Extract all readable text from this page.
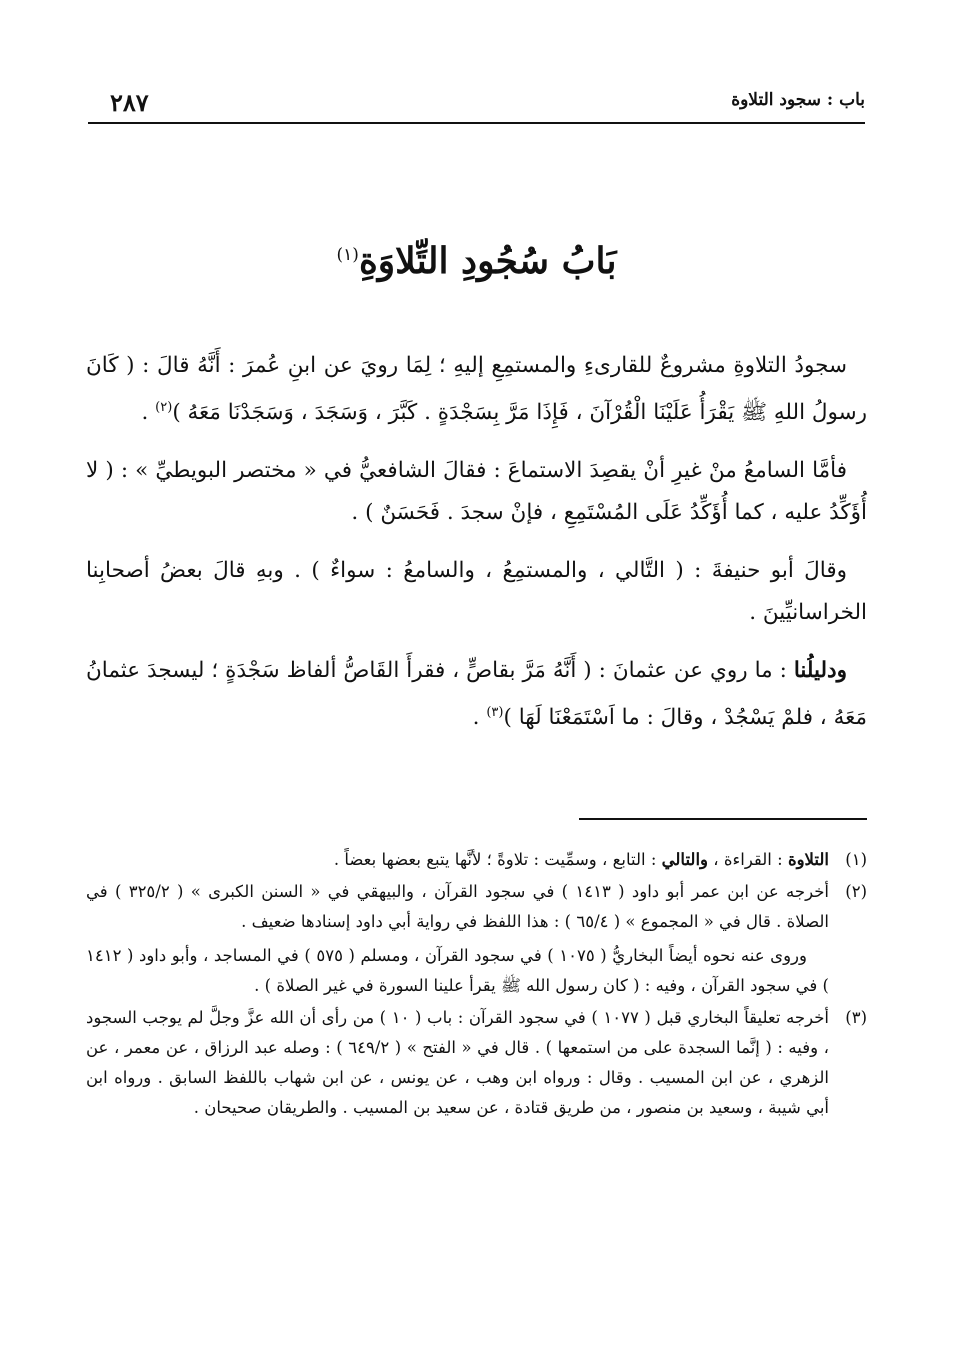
باب : سجود التلاوة
٢٨٧
بَابُ سُجُودِ التِّلاوَةِ$^{(١)}$

سجودُ التلاوةِ مشروعٌ للقارىءِ والمستمِعِ إليهِ ؛ لِمَا رويَ عن ابنِ عُمرَ : أَنَّهُ قالَ : ( كَانَ رسولُ اللهِ ﷺ يَقْرَأُ عَلَيْنَا الْقُرْآنَ ، فَإِذَا مَرَّ بِسَجْدَةٍ . كَبَّرَ ، وَسَجَدَ ، وَسَجَدْنَا مَعَهُ )$^{(٢)}$ .

فأمَّا السامعُ منْ غيرِ أنْ يقصِدَ الاستماعَ : فقالَ الشافعيُّ في « مختصر البويطيِّ » : ( لا أُؤَكِّدُ عليه ، كما أُؤَكِّدُ عَلَى المُسْتَمِعِ ، فإنْ سجدَ . فَحَسَنٌ ) .

وقالَ أبو حنيفةَ : ( التَّالي ، والمستمِعُ ، والسامعُ : سواءٌ ) . وبهِ قالَ بعضُ أصحابِنا الخراسانيِّينَ .

ودليلُنا : ما روي عن عثمانَ : ( أَنَّهُ مَرَّ بقاصٍّ ، فقرأَ القَاصُّ ألفاظ سَجْدَةٍ ؛ ليسجدَ عثمانُ مَعَهُ ، فلمْ يَسْجُدْ ، وقالَ : ما اَسْتَمَعْنَا لَهَا )$^{(٣)}$ .

(١)

التلاوة : القراءة ، والتالي : التابع ، وسمِّيت : تلاوةً ؛ لأنَّها يتبع بعضها بعضاً .

(٢)

أخرجه عن ابن عمر أبو داود ( ١٤١٣ ) في سجود القرآن ، والبيهقي في « السنن الكبرى » ( ٣٢٥/٢ ) في الصلاة . قال في « المجموع » ( ٦٥/٤ ) : هذا اللفظ في رواية أبي داود إسنادها ضعيف .

وروى عنه نحوه أيضاً البخاريُّ ( ١٠٧٥ ) في سجود القرآن ، ومسلم ( ٥٧٥ ) في المساجد ، وأبو داود ( ١٤١٢ ) في سجود القرآن ، وفيه : ( كان رسول الله ﷺ يقرأ علينا السورة في غير الصلاة ) .

(٣)

أخرجه تعليقاً البخاري قبل ( ١٠٧٧ ) في سجود القرآن : باب ( ١٠ ) من رأى أن الله عزَّ وجلَّ لم يوجب السجود ، وفيه : ( إنَّما السجدة على من استمعها ) . قال في « الفتح » ( ٦٤٩/٢ ) : وصله عبد الرزاق ، عن معمر ، عن الزهري ، عن ابن المسيب . وقال : ورواه ابن وهب ، عن يونس ، عن ابن شهاب باللفظ السابق . ورواه ابن أبي شيبة ، وسعيد بن منصور ، من طريق قتادة ، عن سعيد بن المسيب . والطريقان صحيحان .
